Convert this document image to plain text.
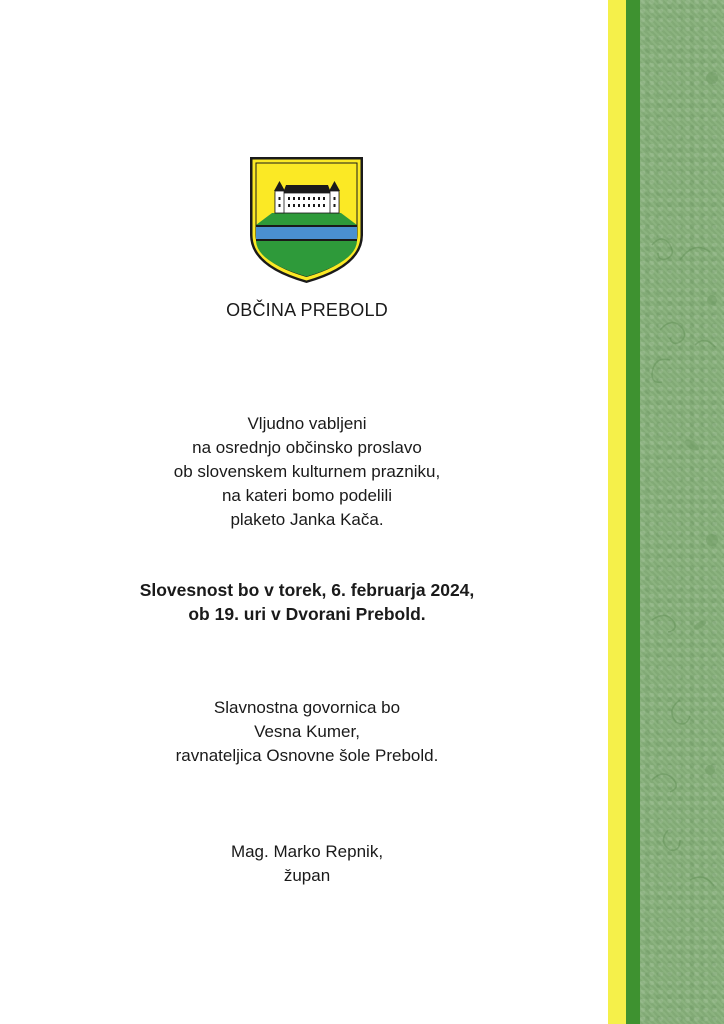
OBČINA PREBOLD
Vljudno vabljeni
na osrednjo občinsko proslavo
ob slovenskem kulturnem prazniku,
na kateri bomo podelili
plaketo Janka Kača.
Slovesnost bo v torek, 6. februarja 2024,
ob 19. uri v Dvorani Prebold.
Slavnostna govornica bo
Vesna Kumer,
ravnateljica Osnovne šole Prebold.
Mag. Marko Repnik,
župan
